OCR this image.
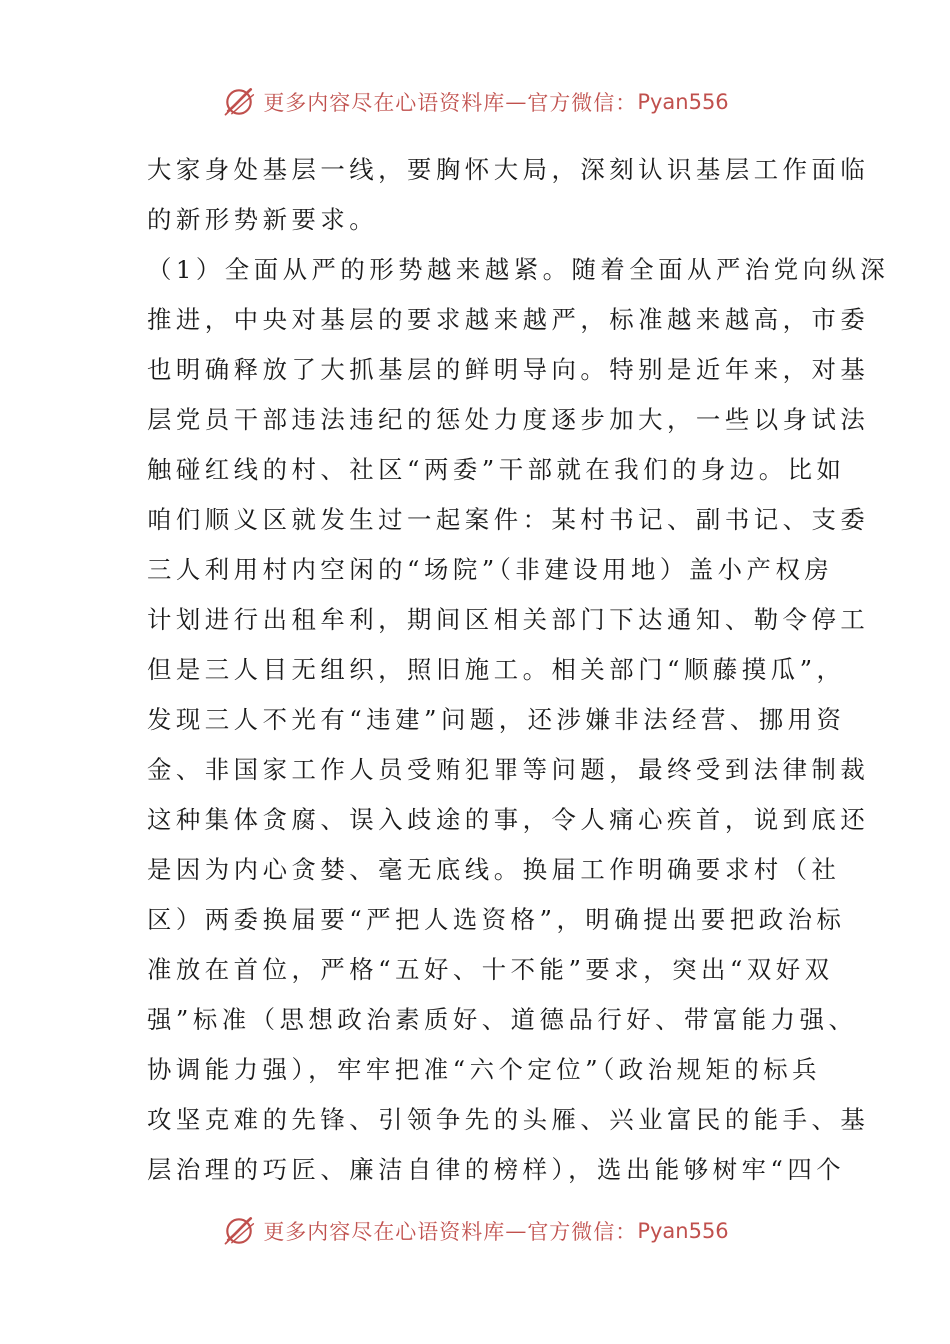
更多内容尽在心语资料库 — 官方微信： Pyan556
大家身处基层一线，要胸怀大局，深刻认识基层工作面临
的新形势新要求。
（1）全面从严的形势越来越紧。随着全面从严治党向纵深
推进，中央对基层的要求越来越严，标准越来越高，市委
也明确释放了大抓基层的鲜明导向。特别是近年来，对基
层党员干部违法违纪的惩处力度逐步加大，一些以身试法
触碰红线的村、社区“两委”干部就在我们的身边。比如
咱们顺义区就发生过一起案件：某村书记、副书记、支委
三人利用村内空闲的“场院”（非建设用地）盖小产权房
计划进行出租牟利，期间区相关部门下达通知、勒令停工
但是三人目无组织，照旧施工。相关部门“顺藤摸瓜”，
发现三人不光有“违建”问题，还涉嫌非法经营、挪用资
金、非国家工作人员受贿犯罪等问题，最终受到法律制裁
这种集体贪腐、误入歧途的事，令人痛心疾首，说到底还
是因为内心贪婪、毫无底线。换届工作明确要求村（社
区）两委换届要“严把人选资格”，明确提出要把政治标
准放在首位，严格“五好、十不能”要求，突出“双好双
强”标准（思想政治素质好、道德品行好、带富能力强、
协调能力强），牢牢把准“六个定位”（政治规矩的标兵
攻坚克难的先锋、引领争先的头雁、兴业富民的能手、基
层治理的巧匠、廉洁自律的榜样），选出能够树牢“四个
更多内容尽在心语资料库 — 官方微信： Pyan556
